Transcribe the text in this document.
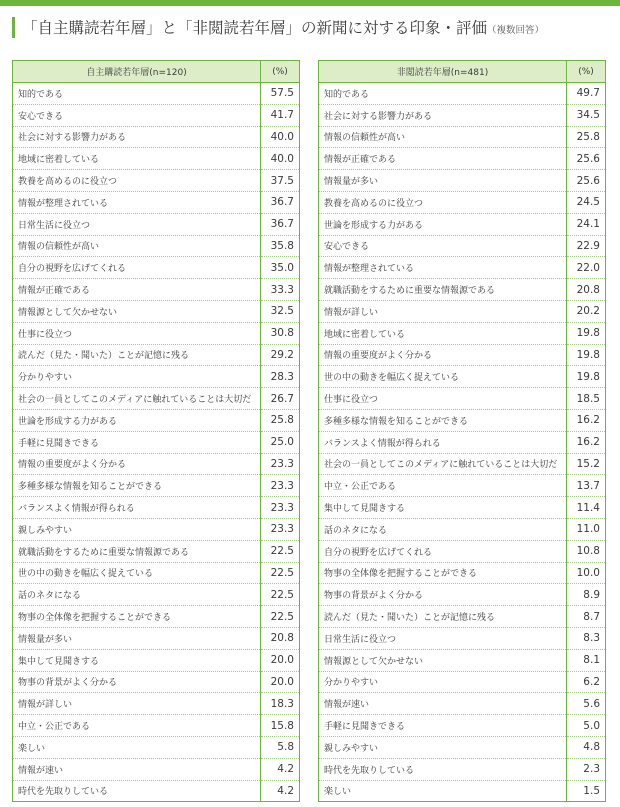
「自主購読若年層」と「非閲読若年層」の新聞に対する印象・評価（複数回答）
自主購読若年層(n=120)	(%)
知的である	57.5
安心できる	41.7
社会に対する影響力がある	40.0
地域に密着している	40.0
教養を高めるのに役立つ	37.5
情報が整理されている	36.7
日常生活に役立つ	36.7
情報の信頼性が高い	35.8
自分の視野を広げてくれる	35.0
情報が正確である	33.3
情報源として欠かせない	32.5
仕事に役立つ	30.8
読んだ（見た・聞いた）ことが記憶に残る	29.2
分かりやすい	28.3
社会の一員としてこのメディアに触れていることは大切だ	26.7
世論を形成する力がある	25.8
手軽に見聞きできる	25.0
情報の重要度がよく分かる	23.3
多種多様な情報を知ることができる	23.3
バランスよく情報が得られる	23.3
親しみやすい	23.3
就職活動をするために重要な情報源である	22.5
世の中の動きを幅広く捉えている	22.5
話のネタになる	22.5
物事の全体像を把握することができる	22.5
情報量が多い	20.8
集中して見聞きする	20.0
物事の背景がよく分かる	20.0
情報が詳しい	18.3
中立・公正である	15.8
楽しい	5.8
情報が速い	4.2
時代を先取りしている	4.2
非閲読若年層(n=481)	(%)
知的である	49.7
社会に対する影響力がある	34.5
情報の信頼性が高い	25.8
情報が正確である	25.6
情報量が多い	25.6
教養を高めるのに役立つ	24.5
世論を形成する力がある	24.1
安心できる	22.9
情報が整理されている	22.0
就職活動をするために重要な情報源である	20.8
情報が詳しい	20.2
地域に密着している	19.8
情報の重要度がよく分かる	19.8
世の中の動きを幅広く捉えている	19.8
仕事に役立つ	18.5
多種多様な情報を知ることができる	16.2
バランスよく情報が得られる	16.2
社会の一員としてこのメディアに触れていることは大切だ	15.2
中立・公正である	13.7
集中して見聞きする	11.4
話のネタになる	11.0
自分の視野を広げてくれる	10.8
物事の全体像を把握することができる	10.0
物事の背景がよく分かる	8.9
読んだ（見た・聞いた）ことが記憶に残る	8.7
日常生活に役立つ	8.3
情報源として欠かせない	8.1
分かりやすい	6.2
情報が速い	5.6
手軽に見聞きできる	5.0
親しみやすい	4.8
時代を先取りしている	2.3
楽しい	1.5
